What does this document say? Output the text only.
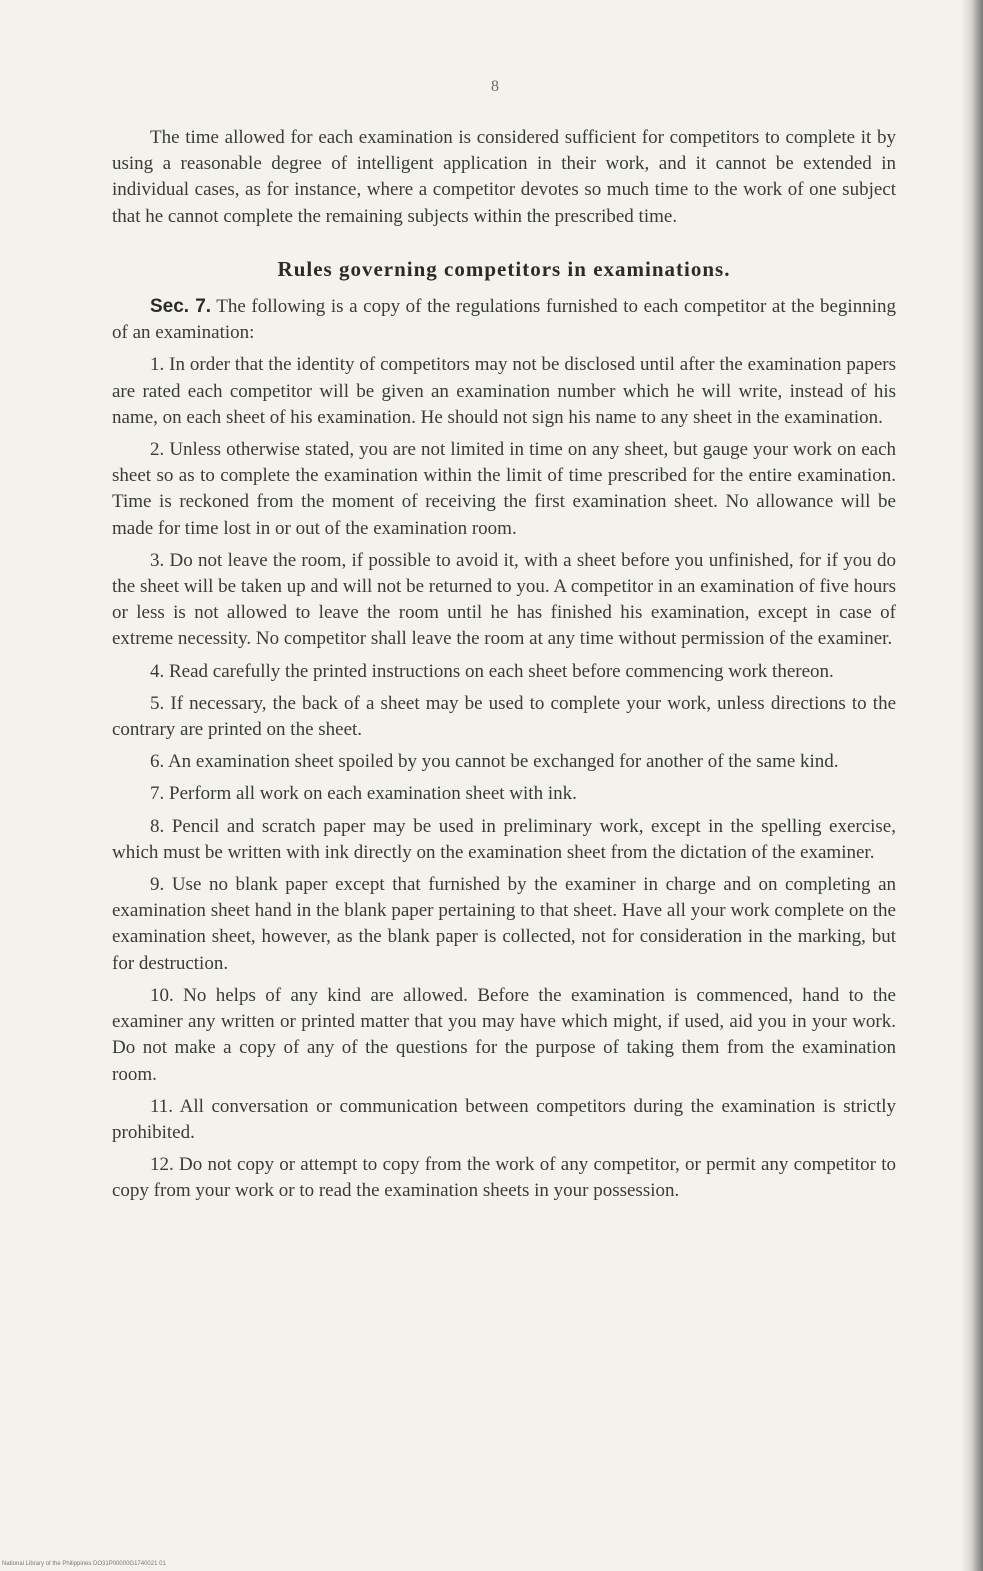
8

The time allowed for each examination is considered sufficient for competitors to complete it by using a reasonable degree of intelligent application in their work, and it cannot be extended in individual cases, as for instance, where a competitor devotes so much time to the work of one subject that he cannot complete the remaining subjects within the prescribed time.

Rules governing competitors in examinations.

Sec. 7. The following is a copy of the regulations furnished to each competitor at the beginning of an examination:

1. In order that the identity of competitors may not be disclosed until after the examination papers are rated each competitor will be given an examination number which he will write, instead of his name, on each sheet of his examination. He should not sign his name to any sheet in the examination.

2. Unless otherwise stated, you are not limited in time on any sheet, but gauge your work on each sheet so as to complete the examination within the limit of time prescribed for the entire examination. Time is reckoned from the moment of receiving the first examination sheet. No allowance will be made for time lost in or out of the examination room.

3. Do not leave the room, if possible to avoid it, with a sheet before you unfinished, for if you do the sheet will be taken up and will not be returned to you. A competitor in an examination of five hours or less is not allowed to leave the room until he has finished his examination, except in case of extreme necessity. No competitor shall leave the room at any time without permission of the examiner.

4. Read carefully the printed instructions on each sheet before commencing work thereon.

5. If necessary, the back of a sheet may be used to complete your work, unless directions to the contrary are printed on the sheet.

6. An examination sheet spoiled by you cannot be exchanged for another of the same kind.

7. Perform all work on each examination sheet with ink.

8. Pencil and scratch paper may be used in preliminary work, except in the spelling exercise, which must be written with ink directly on the examination sheet from the dictation of the examiner.

9. Use no blank paper except that furnished by the examiner in charge and on completing an examination sheet hand in the blank paper pertaining to that sheet. Have all your work complete on the examination sheet, however, as the blank paper is collected, not for consideration in the marking, but for destruction.

10. No helps of any kind are allowed. Before the examination is commenced, hand to the examiner any written or printed matter that you may have which might, if used, aid you in your work. Do not make a copy of any of the questions for the purpose of taking them from the examination room.

11. All conversation or communication between competitors during the examination is strictly prohibited.

12. Do not copy or attempt to copy from the work of any competitor, or permit any competitor to copy from your work or to read the examination sheets in your possession.

National Library of the Philippines DO31P00000G1740021 01
